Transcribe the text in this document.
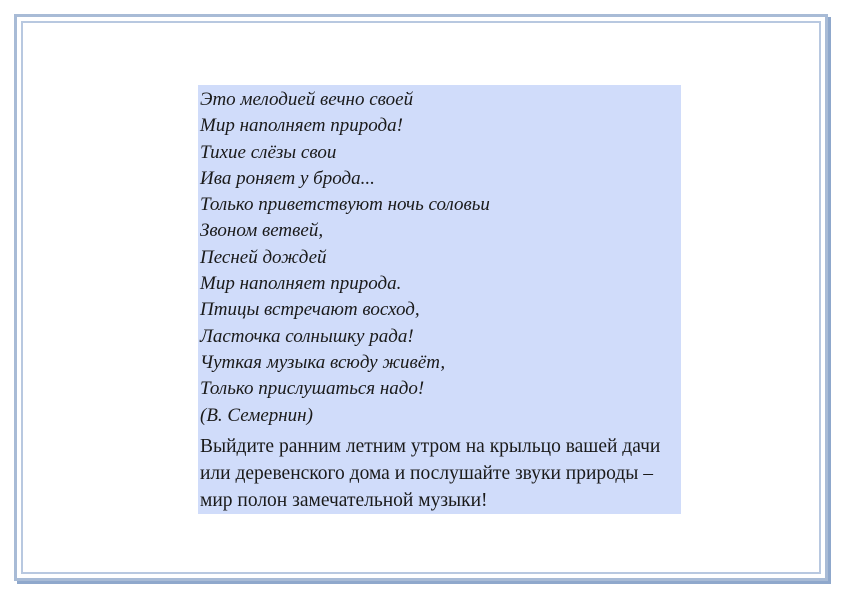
Это мелодией вечно своей

Мир наполняет природа!

Тихие слёзы свои

Ива роняет у брода...

Только приветствуют ночь соловьи

Звоном ветвей,

Песней дождей

Мир наполняет природа.

Птицы встречают восход,

Ласточка солнышку рада!

Чуткая музыка всюду живёт,

Только прислушаться надо!

(В. Семернин)

Выйдите ранним летним утром на крыльцо вашей дачи или деревенского дома и послушайте звуки природы – мир полон замечательной музыки!
